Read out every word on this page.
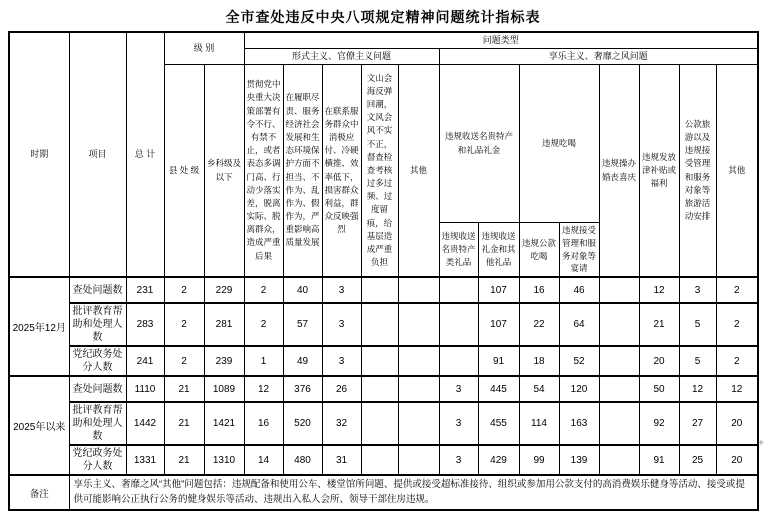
全市查处违反中央八项规定精神问题统计指标表
时期	项目	总 计	级 别		问题类型												
					形式主义、官僚主义问题					享乐主义、奢靡之风问题							
			县 处 级	乡科级及以下	贯彻党中央重大决策部署有令不行、有禁不止，或者表态多调门高、行动少落实差，脱离实际、脱离群众，造成严重后果	在履职尽责、服务经济社会发展和生态环境保护方面不担当、不作为、乱作为、假作为，严重影响高质量发展	在联系服务群众中消极应付、冷硬横推、效率低下，损害群众利益，群众反映强烈	文山会海反弹回潮，文风会风不实不正，督查检查考核过多过频、过度留痕，给基层造成严重负担	其他	违规收送名贵特产和礼品礼金		违规吃喝		违规操办婚丧喜庆	违规发放津补贴或福利	公款旅游以及违规接受管理和服务对象等旅游活动安排	其他
										违规收送名贵特产类礼品	违规收送礼金和其他礼品	违规公款吃喝	违规接受管理和服务对象等宴请				
2025年12月	查处问题数	231	2	229	2	40	3				107	16	46		12	3	2
	批评教育帮助和处理人数	283	2	281	2	57	3				107	22	64		21	5	2
	党纪政务处分人数	241	2	239	1	49	3				91	18	52		20	5	2
2025年以来	查处问题数	1110	21	1089	12	376	26			3	445	54	120		50	12	12
	批评教育帮助和处理人数	1442	21	1421	16	520	32			3	455	114	163		92	27	20
	党纪政务处分人数	1331	21	1310	14	480	31			3	429	99	139		91	25	20
备注	享乐主义、奢靡之风“其他”问题包括：违规配备和使用公车、楼堂馆所问题、提供或接受超标准接待、组织或参加用公款支付的高消费娱乐健身等活动、接受或提供可能影响公正执行公务的健身娱乐等活动、违规出入私人会所、领导干部住房违规。																
+
